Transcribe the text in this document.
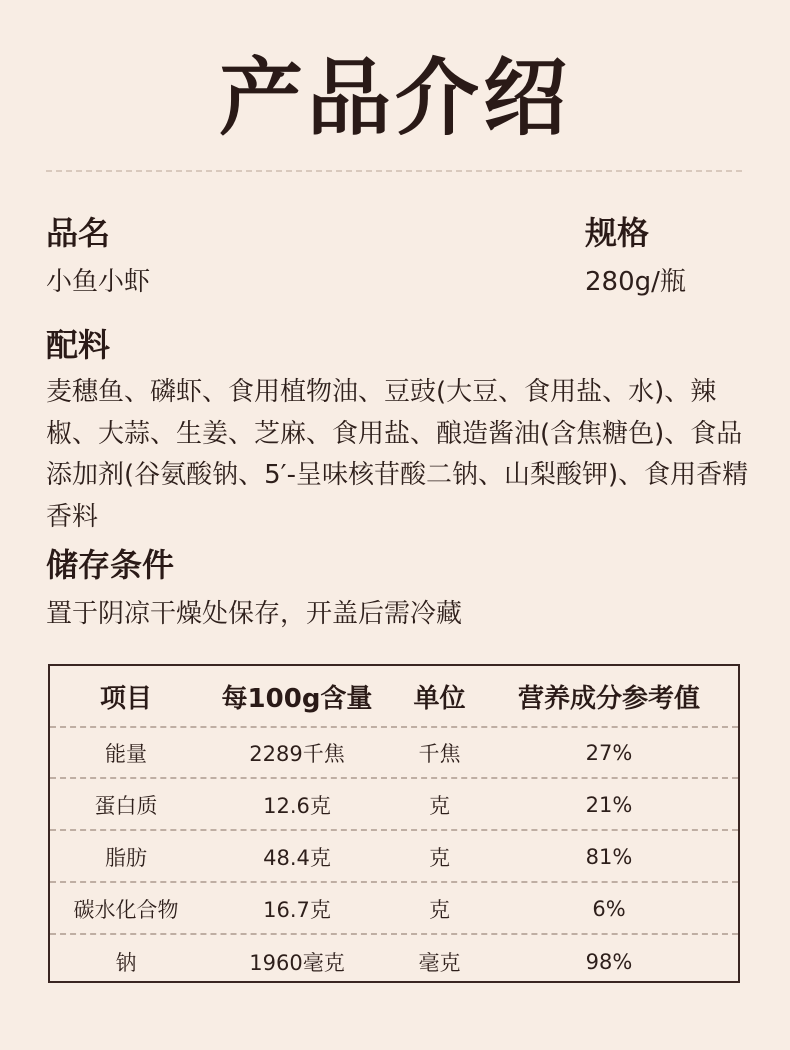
产品介绍
品名
小鱼小虾
规格
280g/瓶
配料
麦穗鱼、磷虾、食用植物油、豆豉(大豆、食用盐、水)、辣椒、大蒜、生姜、芝麻、食用盐、酿造酱油(含焦糖色)、食品添加剂(谷氨酸钠、5′-呈味核苷酸二钠、山梨酸钾)、食用香精香料
储存条件
置于阴凉干燥处保存，开盖后需冷藏
项目	每100g含量	单位	营养成分参考值
能量	2289千焦	千焦	27%
蛋白质	12.6克	克	21%
脂肪	48.4克	克	81%
碳水化合物	16.7克	克	6%
钠	1960毫克	毫克	98%
